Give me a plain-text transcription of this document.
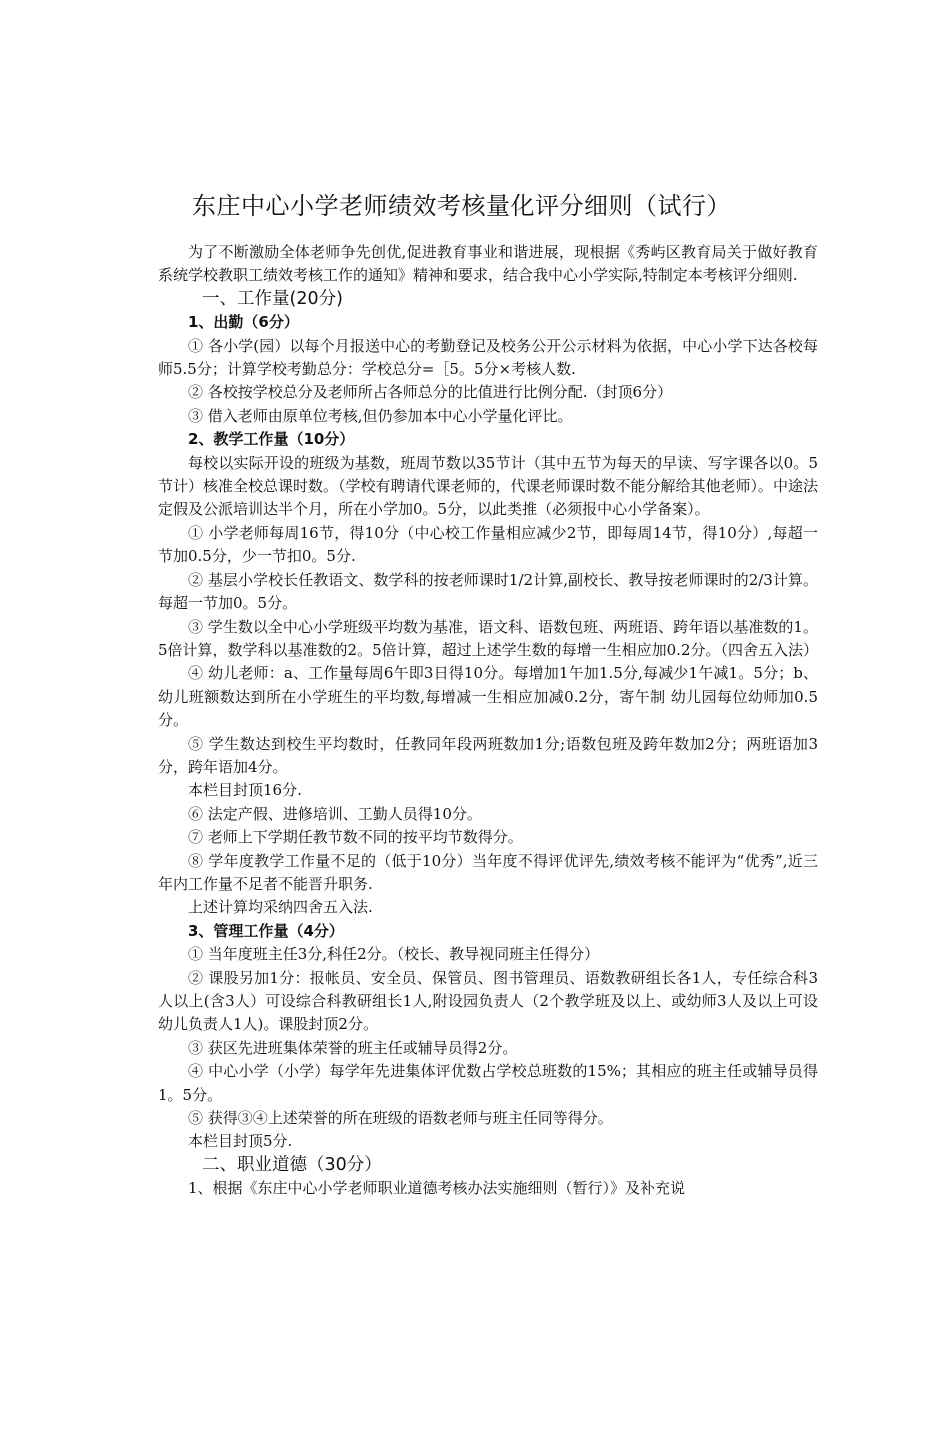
东庄中心小学老师绩效考核量化评分细则（试行）

为了不断激励全体老师争先创优,促进教育事业和谐进展，现根据《秀屿区教育局关于做好教育系统学校教职工绩效考核工作的通知》精神和要求，结合我中心小学实际,特制定本考核评分细则.

一、工作量(20分)

1、出勤（6分）

① 各小学(园）以每个月报送中心的考勤登记及校务公开公示材料为依据，中心小学下达各校每师5.5分；计算学校考勤总分：学校总分=［5。5分×考核人数.

② 各校按学校总分及老师所占各师总分的比值进行比例分配.（封顶6分）

③ 借入老师由原单位考核,但仍参加本中心小学量化评比。

2、教学工作量（10分）

每校以实际开设的班级为基数，班周节数以35节计（其中五节为每天的早读、写字课各以0。5节计）核准全校总课时数。（学校有聘请代课老师的，代课老师课时数不能分解给其他老师）。中途法定假及公派培训达半个月，所在小学加0。5分，以此类推（必须报中心小学备案）。

① 小学老师每周16节，得10分（中心校工作量相应减少2节，即每周14节，得10分）,每超一节加0.5分，少一节扣0。5分.

② 基层小学校长任教语文、数学科的按老师课时1/2计算,副校长、教导按老师课时的2/3计算。每超一节加0。5分。

③ 学生数以全中心小学班级平均数为基准，语文科、语数包班、两班语、跨年语以基准数的1。5倍计算，数学科以基准数的2。5倍计算，超过上述学生数的每增一生相应加0.2分。（四舍五入法）

④ 幼儿老师：a、工作量每周6午即3日得10分。每增加1午加1.5分,每减少1午减1。5分；b、幼儿班额数达到所在小学班生的平均数,每增减一生相应加减0.2分，寄午制 幼儿园每位幼师加0.5分。

⑤ 学生数达到校生平均数时，任教同年段两班数加1分;语数包班及跨年数加2分；两班语加3分，跨年语加4分。

本栏目封顶16分.

⑥ 法定产假、进修培训、工勤人员得10分。

⑦ 老师上下学期任教节数不同的按平均节数得分。

⑧ 学年度教学工作量不足的（低于10分）当年度不得评优评先,绩效考核不能评为“优秀”,近三年内工作量不足者不能晋升职务.

上述计算均采纳四舍五入法.

3、管理工作量（4分）

① 当年度班主任3分,科任2分。（校长、教导视同班主任得分）

② 课股另加1分：报帐员、安全员、保管员、图书管理员、语数教研组长各1人，专任综合科3人以上(含3人）可设综合科教研组长1人,附设园负责人（2个教学班及以上、或幼师3人及以上可设幼儿负责人1人)。课股封顶2分。

③ 获区先进班集体荣誉的班主任或辅导员得2分。

④ 中心小学（小学）每学年先进集体评优数占学校总班数的15%；其相应的班主任或辅导员得1。5分。

⑤ 获得③④上述荣誉的所在班级的语数老师与班主任同等得分。

本栏目封顶5分.

二、职业道德（30分）

1、根据《东庄中心小学老师职业道德考核办法实施细则（暂行）》及补充说
